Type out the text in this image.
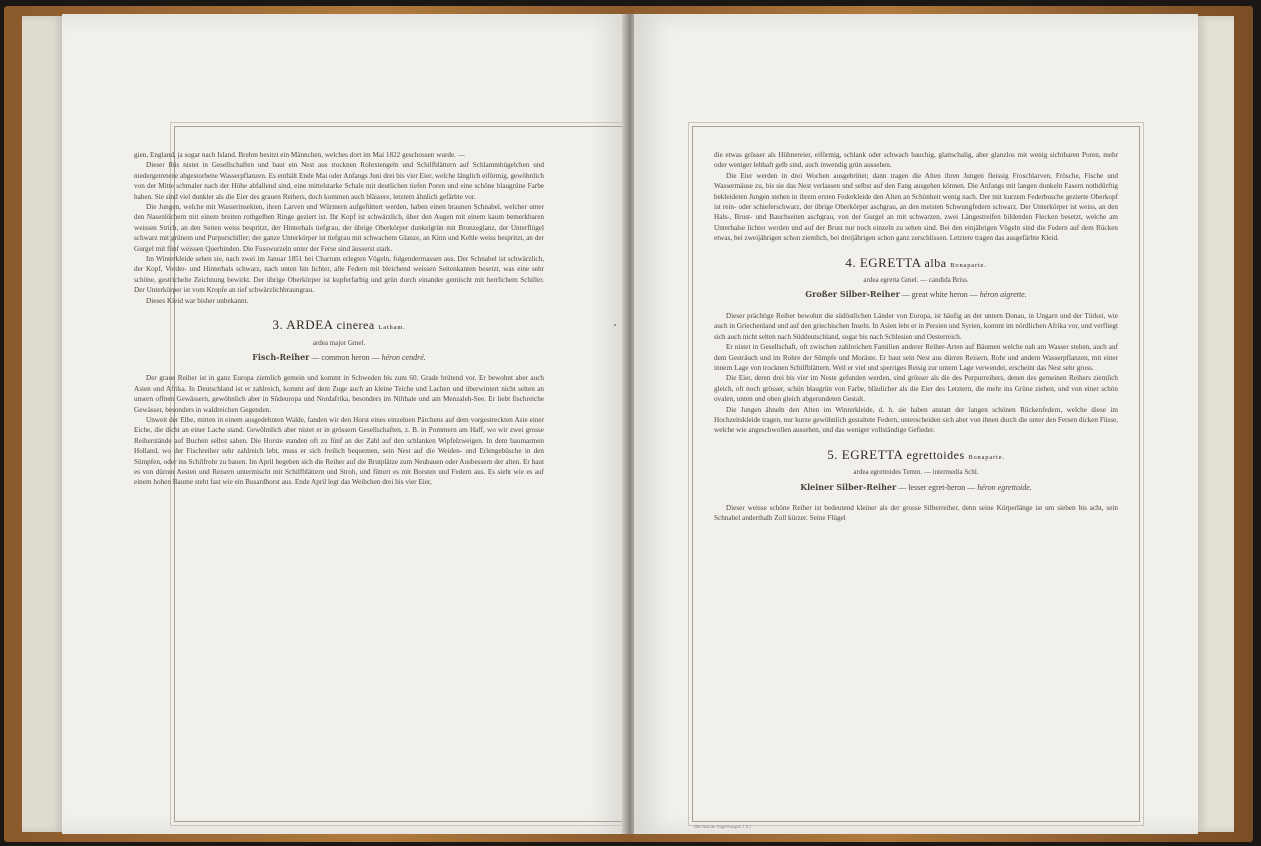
gien, England, ja sogar nach Island. Brehm besitzt ein Männchen, welches dort im Mai 1822 geschossen wurde. —

Dieser Ibis nistet in Gesellschaften und baut ein Nest aus trocknen Rohrstengeln und Schilfblättern auf Schlammhügelchen und niedergetretene abgestorbene Wasserpflanzen. Es enthält Ende Mai oder Anfangs Juni drei bis vier Eier, welche länglich eiförmig, gewöhnlich von der Mitte schmaler nach der Höhe abfallend sind, eine mittelstarke Schale mit deutlichen tiefen Poren und eine schöne blaugrüne Farbe haben. Sie sind viel dunkler als die Eier des grauen Reihers, doch kommen auch blässere, letztern ähnlich gefärbte vor.

Die Jungen, welche mit Wasserinsekten, ihren Larven und Würmern aufgefüttert werden, haben einen braunen Schnabel, welcher unter den Nasenlöchern mit einem breiten rothgelben Ringe geziert ist. Ihr Kopf ist schwärzlich, über den Augen mit einem kaum bemerkbaren weissen Strich, an den Seiten weiss bespritzt, der Hinterhals tiefgrau, der übrige Oberkörper dunkelgrün mit Bronzeglanz, der Unterflügel schwarz mit grünem und Purpurschiller; der ganze Unterkörper ist tiefgrau mit schwachem Glanze, an Kinn und Kehle weiss bespritzt, an der Gurgel mit fünf weissen Querbinden. Die Fusswurzeln unter der Ferse sind äusserst stark.

Im Winterkleide sehen sie, nach zwei im Januar 1851 bei Chartum erlegten Vögeln, folgendermassen aus. Der Schnabel ist schwärzlich, der Kopf, Vorder- und Hinterhals schwarz, nach unten hin lichter, alle Federn mit bleichend weissen Seitenkanten besetzt, was eine sehr schöne, gestrichelte Zeichnung bewirkt. Der übrige Oberkörper ist kupferfarbig und grün durch einander gemischt mit herrlichem Schiller. Der Unterkörper ist vom Kropfe an tief schwärzlichbraungrau.

Dieses Kleid war bisher unbekannt.

3. ARDEA cinerea Latham.
ardea major Gmel.
Fisch-Reiher — common heron — héron cendré.

Der graue Reiher ist in ganz Europa ziemlich gemein und kommt in Schweden bis zum 60. Grade brütend vor. Er bewohnt aber auch Asien und Afrika. In Deutschland ist er zahlreich, kommt auf dem Zuge auch an kleine Teiche und Lachen und überwintert nicht selten an unsern offnen Gewässern, gewöhnlich aber in Südeuropa und Nordafrika, besonders im Nilthale und am Menzaleh-See. Er liebt fischreiche Gewässer, besonders in waldreichen Gegenden.

Unweit der Elbe, mitten in einem ausgedehnten Walde, fanden wir den Horst eines einzelnen Pärchens auf dem vorgestreckten Aste einer Eiche, die dicht an einer Lache stand. Gewöhnlich aber nistet er in grössern Gesellschaften, z. B. in Pommern am Haff, wo wir zwei grosse Reiherstände auf Buchen selbst sahen. Die Horste standen oft zu fünf an der Zahl auf den schlanken Wipfelzweigen. In dem baumarmen Holland, wo der Fischreiher sehr zahlreich lebt, muss er sich freilich bequemen, sein Nest auf die Weiden- und Erlengebüsche in den Sümpfen, oder ins Schilfrohr zu bauen. Im April begeben sich die Reiher auf die Brutplätze zum Neubauen oder Ausbessern der alten. Er baut es von dürren Aesten und Reisern untermischt mit Schilfblättern und Stroh, und füttert es mit Borsten und Federn aus. Es sieht wie es auf einem hohen Baume steht fast wie ein Busardhorst aus. Ende April legt das Weibchen drei bis vier Eier,

(Die Nest der Vögel Europa's. LX.)

die etwas grösser als Hühnereier, eiförmig, schlank oder schwach bauchig, glattschalig, aber glanzlos mit wenig sichtbaren Poren, mehr oder weniger lebhaft gelb sind, auch inwendig grün aussehen.

Die Eier werden in drei Wochen ausgebrütet; dann tragen die Alten ihren Jungen fleissig Froschlarven, Frösche, Fische und Wassermäuse zu, bis sie das Nest verlassen und selbst auf den Fang ausgehen können. Die Anfangs mit langen dunkeln Fasern nothdürftig bekleideten Jungen stehen in ihrem ersten Federkleide den Alten an Schönheit wenig nach. Der mit kurzem Federbusche gezierte Oberkopf ist rein- oder schieferschwarz, der übrige Oberkörper aschgrau, an den meisten Schwungfedern schwarz. Der Unterkörper ist weiss, an den Hals-, Brust- und Bauchseiten aschgrau, von der Gurgel an mit schwarzen, zwei Längestreifen bildenden Flecken besetzt, welche am Unterhalse lichter werden und auf der Brust nur noch einzeln zu sehen sind. Bei den einjährigen Vögeln sind die Federn auf dem Rücken etwas, bei zweijährigen schon ziemlich, bei dreijährigen schon ganz zerschlissen. Letztere tragen das ausgefärbte Kleid.

4. EGRETTA alba Bonaparte.
ardea egretta Gmel. — candida Briss.
Großer Silber-Reiher — great white heron — héron aigrette.

Dieser prächtige Reiher bewohnt die südöstlichen Länder von Europa, ist häufig an der untern Donau, in Ungarn und der Türkei, wie auch in Griechenland und auf den griechischen Inseln. In Asien lebt er in Persien und Syrien, kommt im nördlichen Afrika vor, und verfliegt sich auch nicht selten nach Süddeutschland, sogar bis nach Schlesien und Oesterreich.

Er nistet in Gesellschaft, oft zwischen zahlreichen Familien anderer Reiher-Arten auf Bäumen welche nah am Wasser stehen, auch auf dem Gesträuch und im Rohre der Sümpfe und Moräste. Er baut sein Nest aus dürren Reisern, Rohr und andern Wasserpflanzen, mit einer innern Lage von trocknen Schilfblättern. Weil er viel und sperriges Reisig zur untern Lage verwendet, erscheint das Nest sehr gross.

Die Eier, deren drei bis vier im Neste gefunden werden, sind grösser als die des Purpurreihers, denen des gemeinen Reihers ziemlich gleich, oft noch grösser, schön blaugrün von Farbe, bläulicher als die Eier des Letztern, die mehr ins Grüne ziehen, und von einer schön ovalen, unten und oben gleich abgerundeten Gestalt.

Die Jungen ähneln den Alten im Winterkleide, d. h. sie haben anstatt der langen schönen Rückenfedern, welche diese im Hochzeitskleide tragen, nur kurze gewöhnlich gestaltete Federn, unterscheiden sich aber von ihnen durch die unter den Fersen dicken Füsse, welche wie angeschwollen aussehen, und das weniger vollständige Gefieder.

5. EGRETTA egrettoides Bonaparte.
ardea egrettoides Temm. — intermedia Schl.
Kleiner Silber-Reiher — lesser egret-heron — héron egrettoide.

Dieser weisse schöne Reiher ist bedeutend kleiner als der grosse Silberreiher, denn seine Körperlänge ist um sieben bis acht, sein Schnabel anderthalb Zoll kürzer. Seine Flügel
